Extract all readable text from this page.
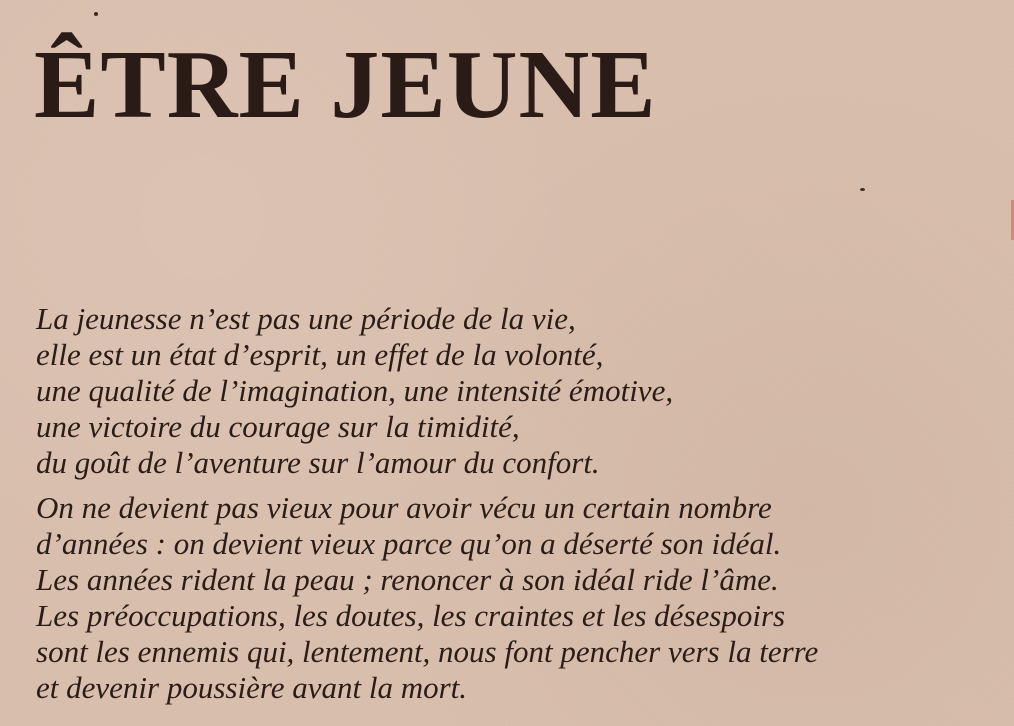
ÊTRE JEUNE

La jeunesse n’est pas une période de la vie,
elle est un état d’esprit, un effet de la volonté,
une qualité de l’imagination, une intensité émotive,
une victoire du courage sur la timidité,
du goût de l’aventure sur l’amour du confort.

On ne devient pas vieux pour avoir vécu un certain nombre
d’années : on devient vieux parce qu’on a déserté son idéal.
Les années rident la peau ; renoncer à son idéal ride l’âme.
Les préoccupations, les doutes, les craintes et les désespoirs
sont les ennemis qui, lentement, nous font pencher vers la terre
et devenir poussière avant la mort.
